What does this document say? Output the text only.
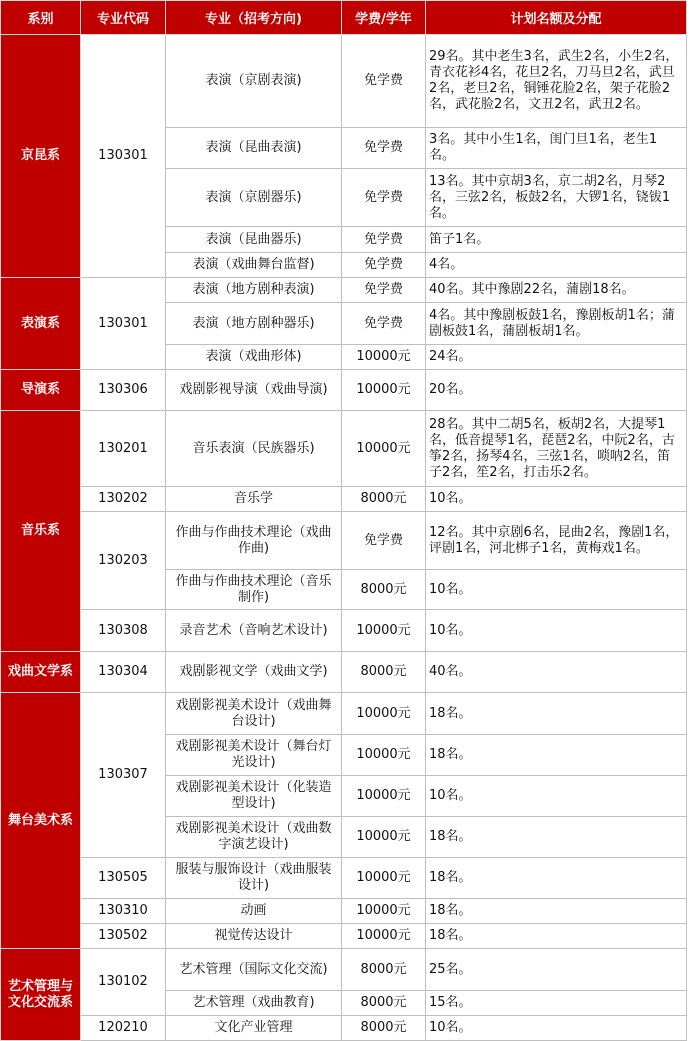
系别	专业代码	专业（招考方向)	学费/学年	计划名额及分配
京昆系	130301	表演（京剧表演)	免学费	29名。其中老生3名，武生2名，小生2名，青衣花衫4名，花旦2名，刀马旦2名，武旦2名，老旦2名，铜锤花脸2名，架子花脸2名，武花脸2名，文丑2名，武丑2名。
		表演（昆曲表演)	免学费	3名。其中小生1名，闺门旦1名，老生1名。
		表演（京剧器乐)	免学费	13名。其中京胡3名，京二胡2名，月琴2名，三弦2名，板鼓2名，大锣1名，铙钹1名。
		表演（昆曲器乐)	免学费	笛子1名。
		表演（戏曲舞台监督)	免学费	4名。
表演系	130301	表演（地方剧种表演)	免学费	40名。其中豫剧22名，蒲剧18名。
		表演（地方剧种器乐)	免学费	4名。其中豫剧板鼓1名，豫剧板胡1名；蒲剧板鼓1名，蒲剧板胡1名。
		表演（戏曲形体)	10000元	24名。
导演系	130306	戏剧影视导演（戏曲导演)	10000元	20名。
音乐系	130201	音乐表演（民族器乐)	10000元	28名。其中二胡5名，板胡2名，大提琴1名，低音提琴1名，琵琶2名，中阮2名，古筝2名，扬琴4名，三弦1名，唢呐2名，笛子2名，笙2名，打击乐2名。
	130202	音乐学	8000元	10名。
	130203	作曲与作曲技术理论（戏曲作曲)	免学费	12名。其中京剧6名，昆曲2名，豫剧1名，评剧1名，河北梆子1名，黄梅戏1名。
		作曲与作曲技术理论（音乐制作)	8000元	10名。
	130308	录音艺术（音响艺术设计)	10000元	10名。
戏曲文学系	130304	戏剧影视文学（戏曲文学)	8000元	40名。
舞台美术系	130307	戏剧影视美术设计（戏曲舞台设计)	10000元	18名。
		戏剧影视美术设计（舞台灯光设计)	10000元	18名。
		戏剧影视美术设计（化装造型设计)	10000元	10名。
		戏剧影视美术设计（戏曲数字演艺设计)	10000元	18名。
	130505	服装与服饰设计（戏曲服装设计)	10000元	18名。
	130310	动画	10000元	18名。
	130502	视觉传达设计	10000元	18名。
艺术管理与文化交流系	130102	艺术管理（国际文化交流)	8000元	25名。
		艺术管理（戏曲教育)	8000元	15名。
	120210	文化产业管理	8000元	10名。
